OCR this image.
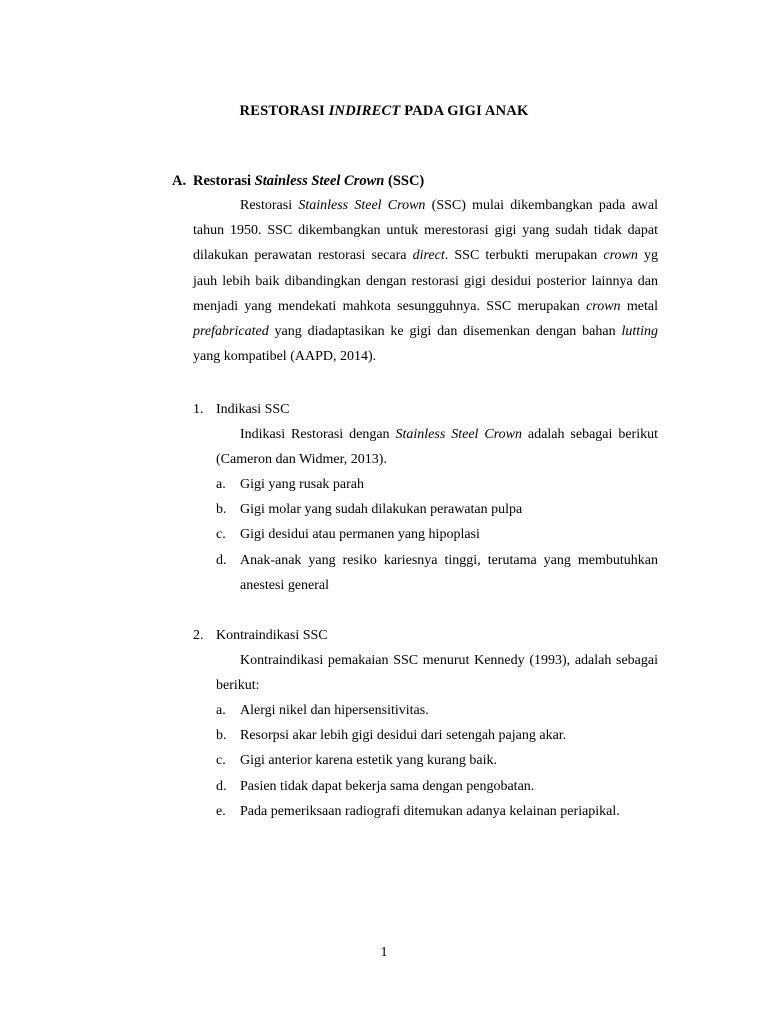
RESTORASI INDIRECT PADA GIGI ANAK
A. Restorasi Stainless Steel Crown (SSC)
Restorasi Stainless Steel Crown (SSC) mulai dikembangkan pada awal tahun 1950. SSC dikembangkan untuk merestorasi gigi yang sudah tidak dapat dilakukan perawatan restorasi secara direct. SSC terbukti merupakan crown yg jauh lebih baik dibandingkan dengan restorasi gigi desidui posterior lainnya dan menjadi yang mendekati mahkota sesungguhnya. SSC merupakan crown metal prefabricated yang diadaptasikan ke gigi dan disemenkan dengan bahan lutting yang kompatibel (AAPD, 2014).
1. Indikasi SSC
Indikasi Restorasi dengan Stainless Steel Crown adalah sebagai berikut (Cameron dan Widmer, 2013).
a. Gigi yang rusak parah
b. Gigi molar yang sudah dilakukan perawatan pulpa
c. Gigi desidui atau permanen yang hipoplasi
d. Anak-anak yang resiko kariesnya tinggi, terutama yang membutuhkan anestesi general
2. Kontraindikasi SSC
Kontraindikasi pemakaian SSC menurut Kennedy (1993), adalah sebagai berikut:
a. Alergi nikel dan hipersensitivitas.
b. Resorpsi akar lebih gigi desidui dari setengah pajang akar.
c. Gigi anterior karena estetik yang kurang baik.
d. Pasien tidak dapat bekerja sama dengan pengobatan.
e. Pada pemeriksaan radiografi ditemukan adanya kelainan periapikal.
1
